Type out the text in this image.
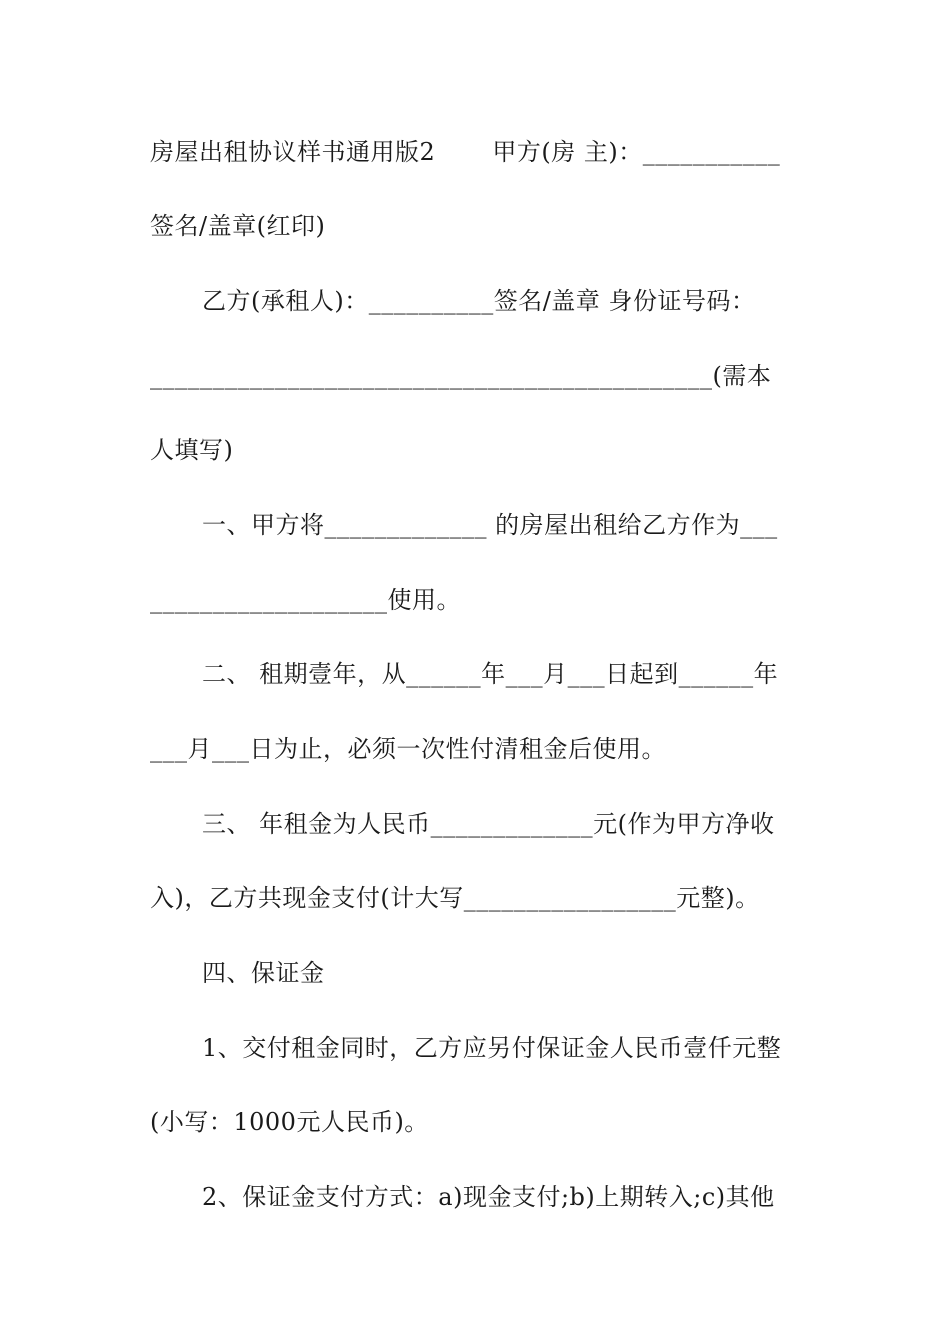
房屋出租协议样书通用版2　　 甲方(房 主)：___________
签名/盖章(红印)
乙方(承租人)：__________签名/盖章 身份证号码：
_____________________________________________(需本
人填写)
一、甲方将_____________ 的房屋出租给乙方作为___
___________________使用。
二、 租期壹年，从______年___月___日起到______年
___月___日为止，必须一次性付清租金后使用。
三、 年租金为人民币_____________元(作为甲方净收
入)，乙方共现金支付(计大写_________________元整)。
四、保证金
1、交付租金同时，乙方应另付保证金人民币壹仟元整
(小写：1000元人民币)。
2、保证金支付方式：a)现金支付;b)上期转入;c)其他
